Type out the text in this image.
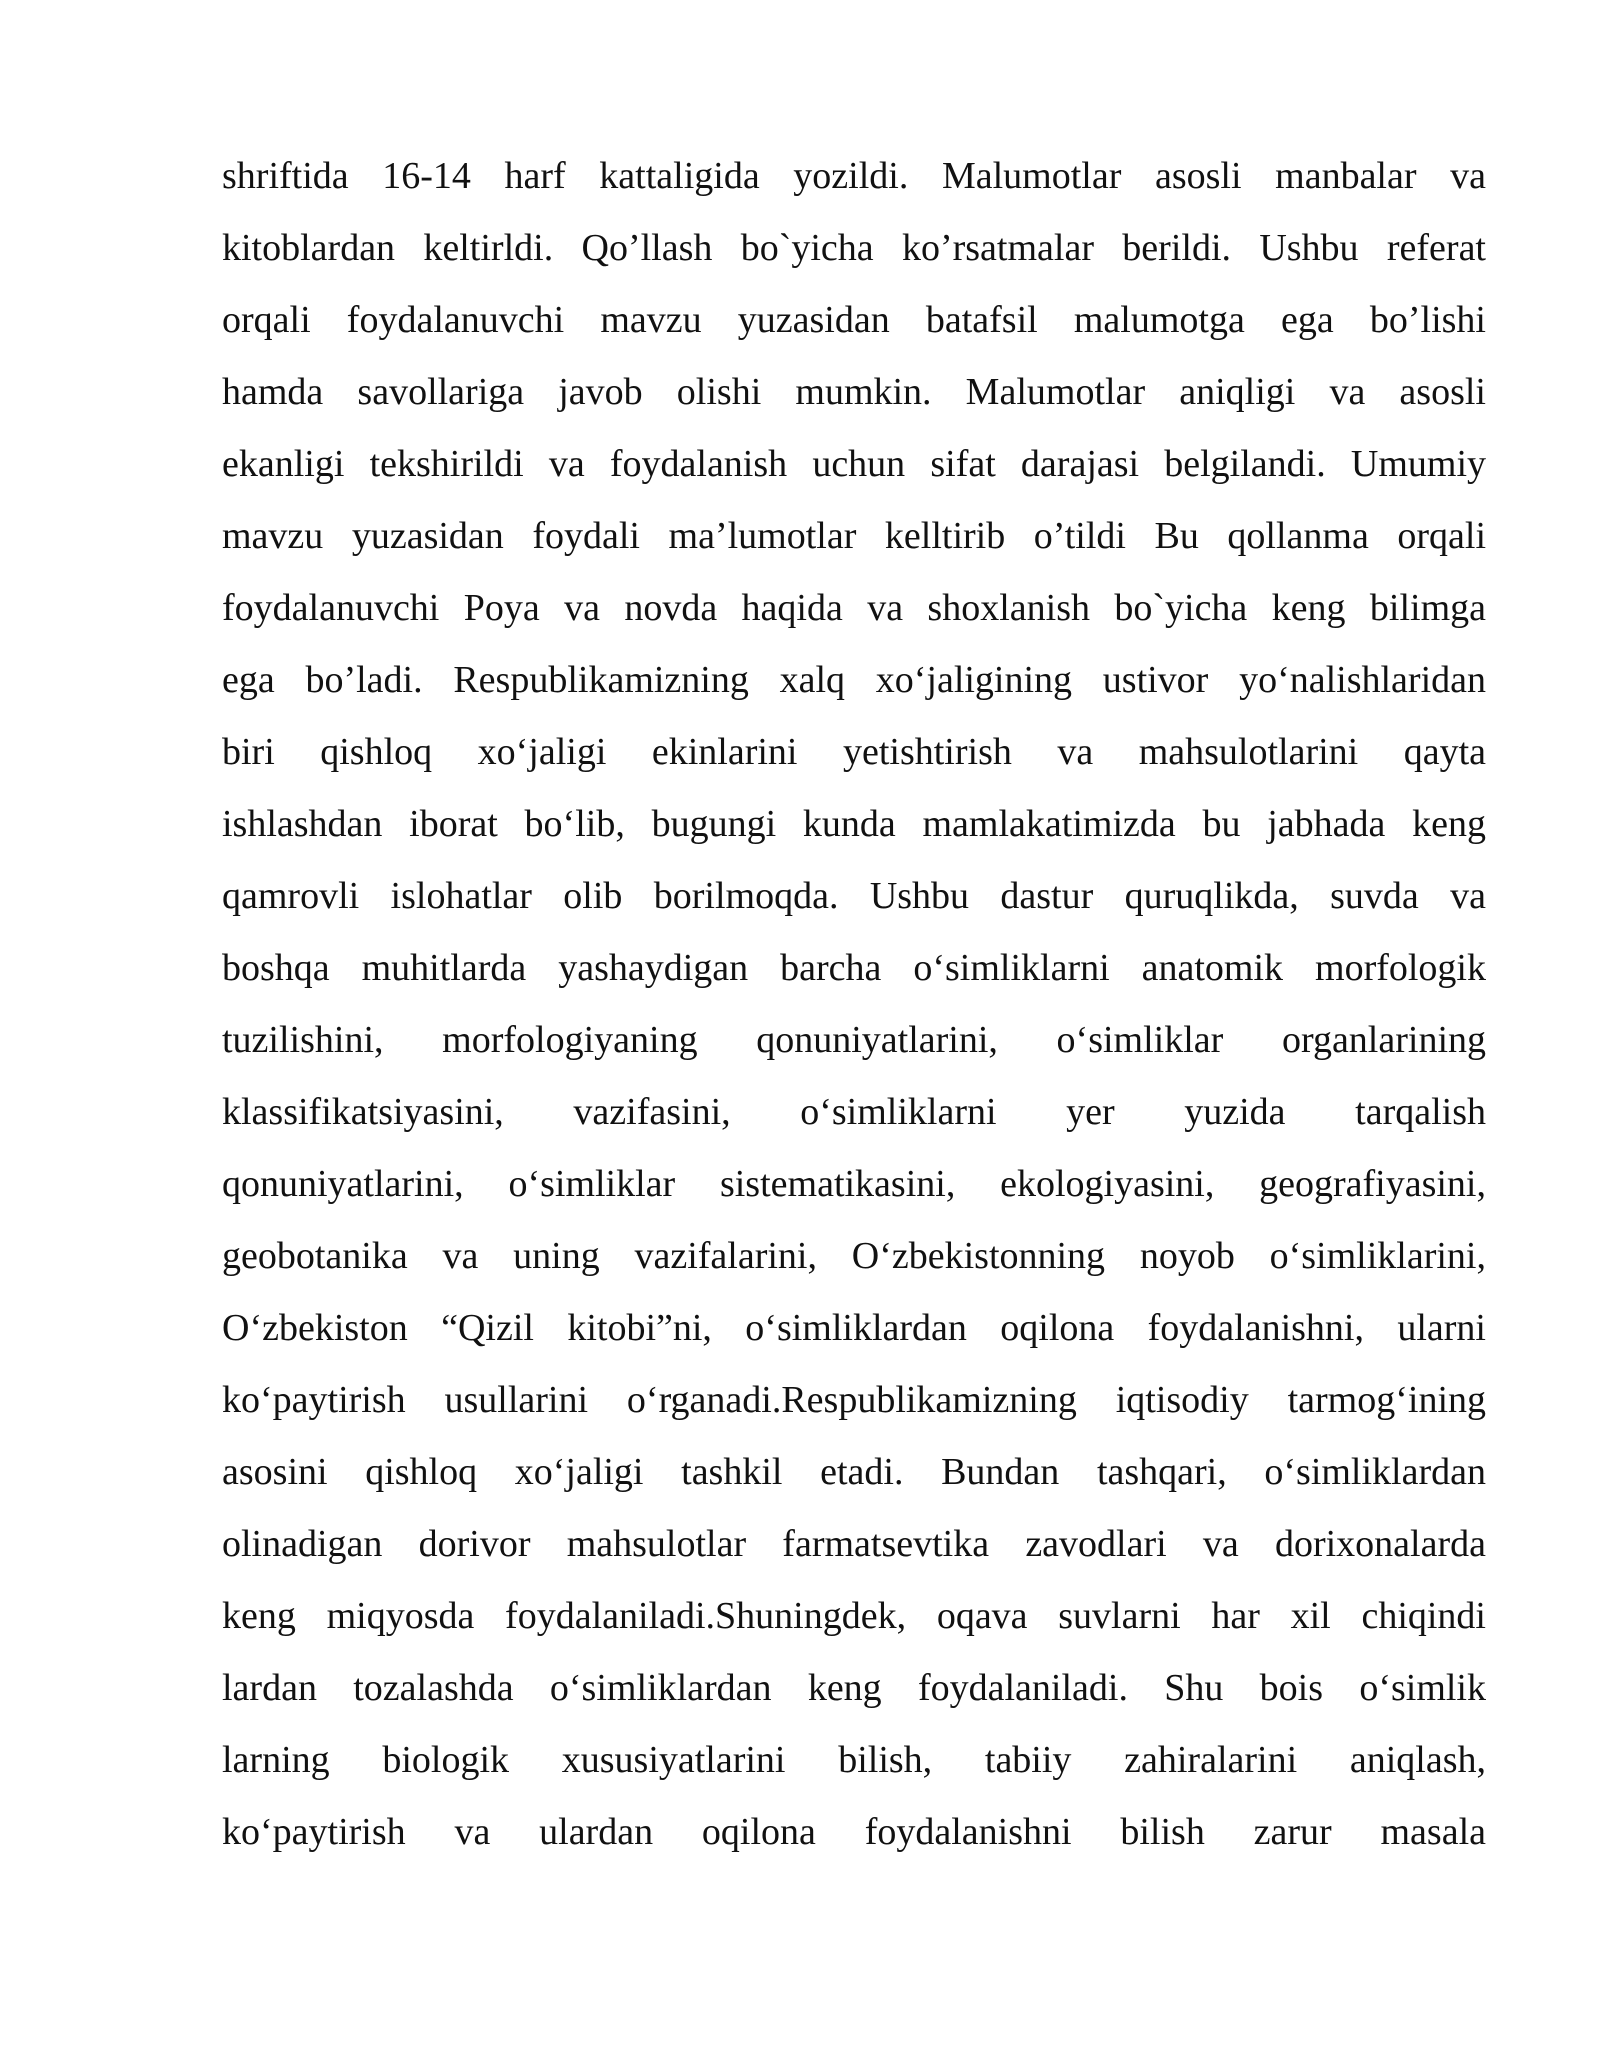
shriftida 16-14 harf kattaligida yozildi. Malumotlar asosli manbalar va
kitoblardan keltirldi. Qo’llash bo`yicha ko’rsatmalar berildi. Ushbu referat
orqali foydalanuvchi mavzu yuzasidan batafsil malumotga ega bo’lishi
hamda savollariga javob olishi mumkin. Malumotlar aniqligi va asosli
ekanligi tekshirildi va foydalanish uchun sifat darajasi belgilandi. Umumiy
mavzu yuzasidan foydali ma’lumotlar kelltirib o’tildi Bu qollanma orqali
foydalanuvchi Poya va novda haqida va shoxlanish bo`yicha keng bilimga
ega bo’ladi. Respublikamizning xalq xo‘jaligining ustivor yo‘nalishlaridan
biri qishloq xo‘jaligi ekinlarini yetishtirish va mahsulotlarini qayta
ishlashdan iborat bo‘lib, bugungi kunda mamlakatimizda bu jabhada keng
qamrovli islohatlar olib borilmoqda. Ushbu dastur quruqlikda, suvda va
boshqa muhitlarda yashaydigan barcha o‘simliklarni anatomik morfologik
tuzilishini, morfologiyaning qonuniyatlarini, o‘simliklar organlarining
klassifikatsiyasini, vazifasini, o‘simliklarni yer yuzida tarqalish
qonuniyatlarini, o‘simliklar sistematikasini, ekologiyasini, geografiyasini,
geobotanika va uning vazifalarini, O‘zbekistonning noyob o‘simliklarini,
O‘zbekiston “Qizil kitobi”ni, o‘simliklardan oqilona foydalanishni, ularni
ko‘paytirish usullarini o‘rganadi.Respublikamizning iqtisodiy tarmog‘ining
asosini qishloq xo‘jaligi tashkil etadi. Bundan tashqari, o‘simliklardan
olinadigan dorivor mahsulotlar farmatsevtika zavodlari va dorixonalarda
keng miqyosda foydalaniladi.Shuningdek, oqava suvlarni har xil chiqindi
lardan tozalashda o‘simliklardan keng foydalaniladi. Shu bois o‘simlik
larning biologik xususiyatlarini bilish, tabiiy zahiralarini aniqlash,
ko‘paytirish va ulardan oqilona foydalanishni bilish zarur masala
